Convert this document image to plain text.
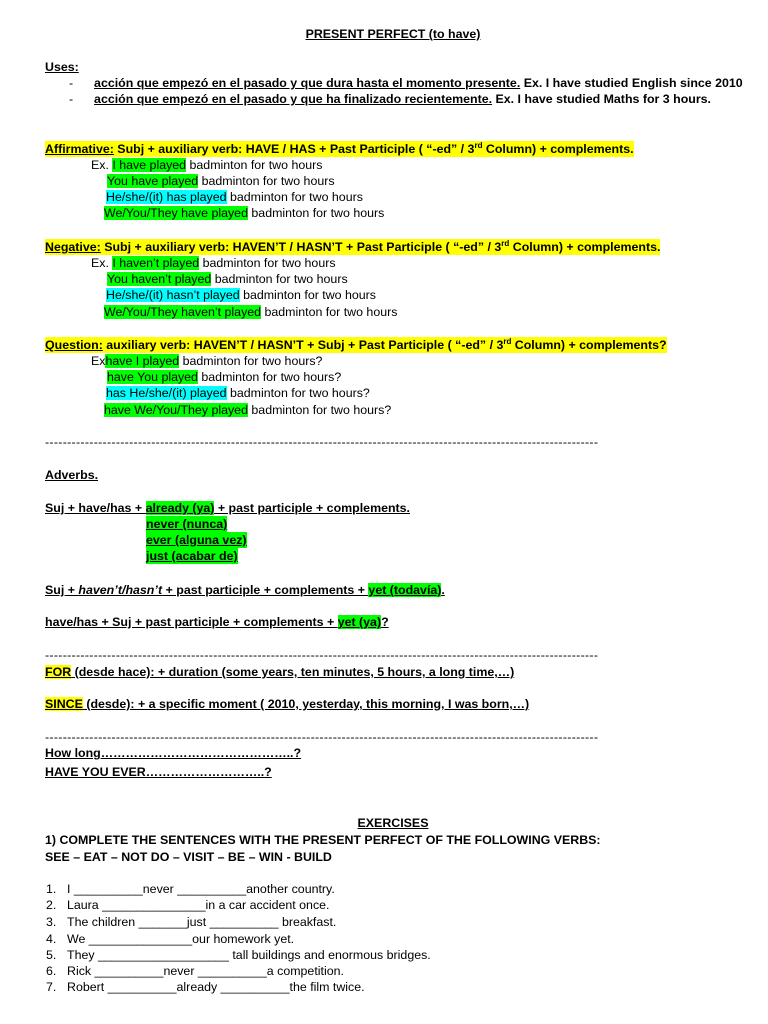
PRESENT PERFECT (to have)
Uses:
- acción que empezó en el pasado y que dura hasta el momento presente. Ex. I have studied English since 2010
- acción que empezó en el pasado y que ha finalizado recientemente. Ex. I have studied Maths for 3 hours.
Affirmative: Subj + auxiliary verb: HAVE / HAS + Past Participle ( “-ed” / 3rd Column) + complements.
Ex. I have played badminton for two hours
You have played badminton for two hours
He/she/(it) has played badminton for two hours
We/You/They have played badminton for two hours
Negative: Subj + auxiliary verb: HAVEN’T / HASN’T + Past Participle ( “-ed” / 3rd Column) + complements.
Ex. I haven’t played badminton for two hours
You haven’t played badminton for two hours
He/she/(it) hasn’t played badminton for two hours
We/You/They haven’t played badminton for two hours
Question: auxiliary verb: HAVEN’T / HASN’T + Subj + Past Participle ( “-ed” / 3rd Column) + complements?
Exhave I played badminton for two hours?
have You played badminton for two hours?
has He/she/(it) played badminton for two hours?
have We/You/They played badminton for two hours?
-----------------------------------------------------------------------------------------------------------------------------
Adverbs.
Suj + have/has + already (ya) + past participle + complements.
never (nunca)
ever (alguna vez)
just (acabar de)
Suj + haven’t/hasn’t + past participle + complements + yet (todavía).
have/has + Suj + past participle + complements + yet (ya)?
-----------------------------------------------------------------------------------------------------------------------------
FOR (desde hace): + duration (some years, ten minutes, 5 hours, a long time,…)
SINCE (desde): + a specific moment ( 2010, yesterday, this morning, I was born,…)
-----------------------------------------------------------------------------------------------------------------------------
How long………………………………………..?
HAVE YOU EVER………………………..?
EXERCISES
1) COMPLETE THE SENTENCES WITH THE PRESENT PERFECT OF THE FOLLOWING VERBS:
SEE – EAT – NOT DO – VISIT – BE – WIN - BUILD
1. I __________never __________another country.
2. Laura _______________in a car accident once.
3. The children _______just __________ breakfast.
4. We _______________our homework yet.
5. They ___________________ tall buildings and enormous bridges.
6. Rick __________never __________a competition.
7. Robert __________already __________the film twice.
